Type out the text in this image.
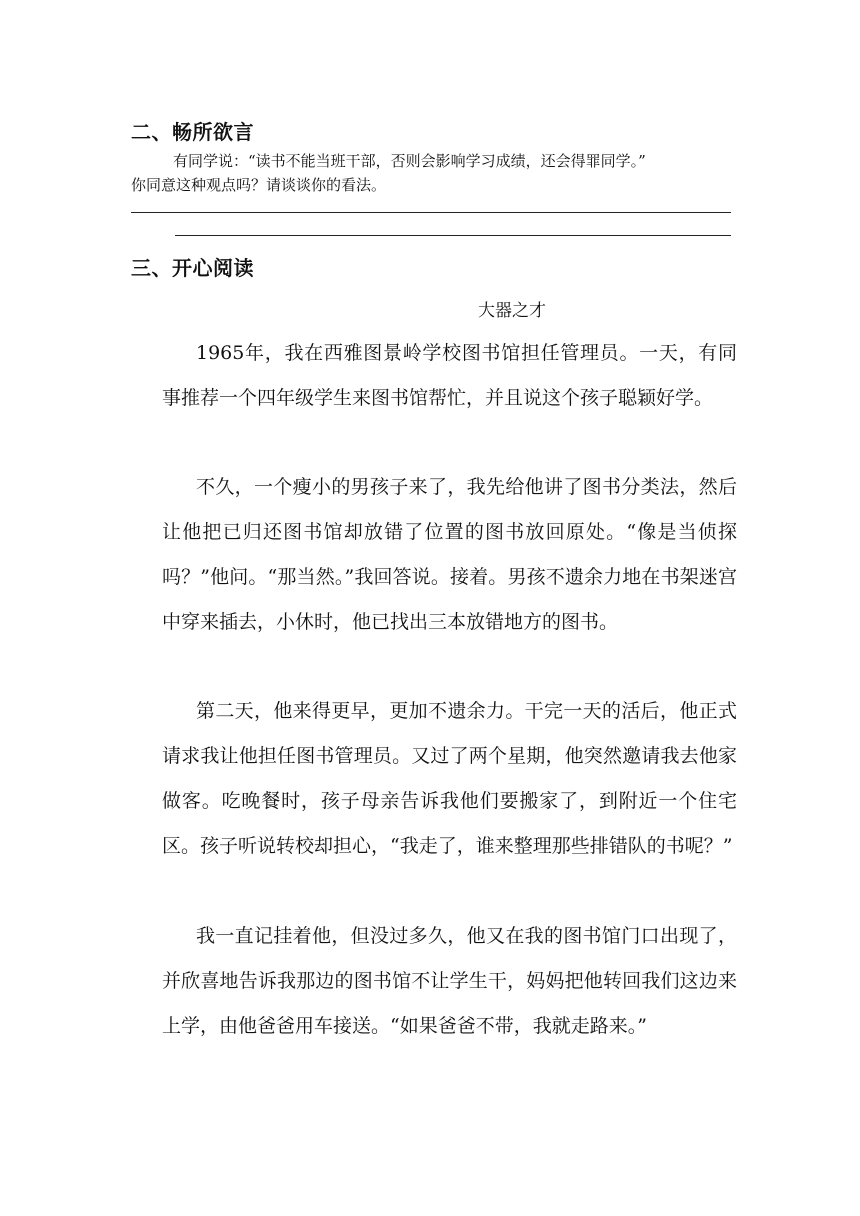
二、畅所欲言

有同学说：“读书不能当班干部，否则会影响学习成绩，还会得罪同学。”

你同意这种观点吗？请谈谈你的看法。

三、开心阅读
大器之才

1965年，我在西雅图景岭学校图书馆担任管理员。一天，有同事推荐一个四年级学生来图书馆帮忙，并且说这个孩子聪颖好学。

不久，一个瘦小的男孩子来了，我先给他讲了图书分类法，然后让他把已归还图书馆却放错了位置的图书放回原处。“像是当侦探吗？”他问。“那当然。”我回答说。接着。男孩不遗余力地在书架迷宫中穿来插去，小休时，他已找出三本放错地方的图书。

第二天，他来得更早，更加不遗余力。干完一天的活后，他正式请求我让他担任图书管理员。又过了两个星期，他突然邀请我去他家做客。吃晚餐时，孩子母亲告诉我他们要搬家了，到附近一个住宅区。孩子听说转校却担心，“我走了，谁来整理那些排错队的书呢？”

我一直记挂着他，但没过多久，他又在我的图书馆门口出现了，并欣喜地告诉我那边的图书馆不让学生干，妈妈把他转回我们这边来上学，由他爸爸用车接送。“如果爸爸不带，我就走路来。”
